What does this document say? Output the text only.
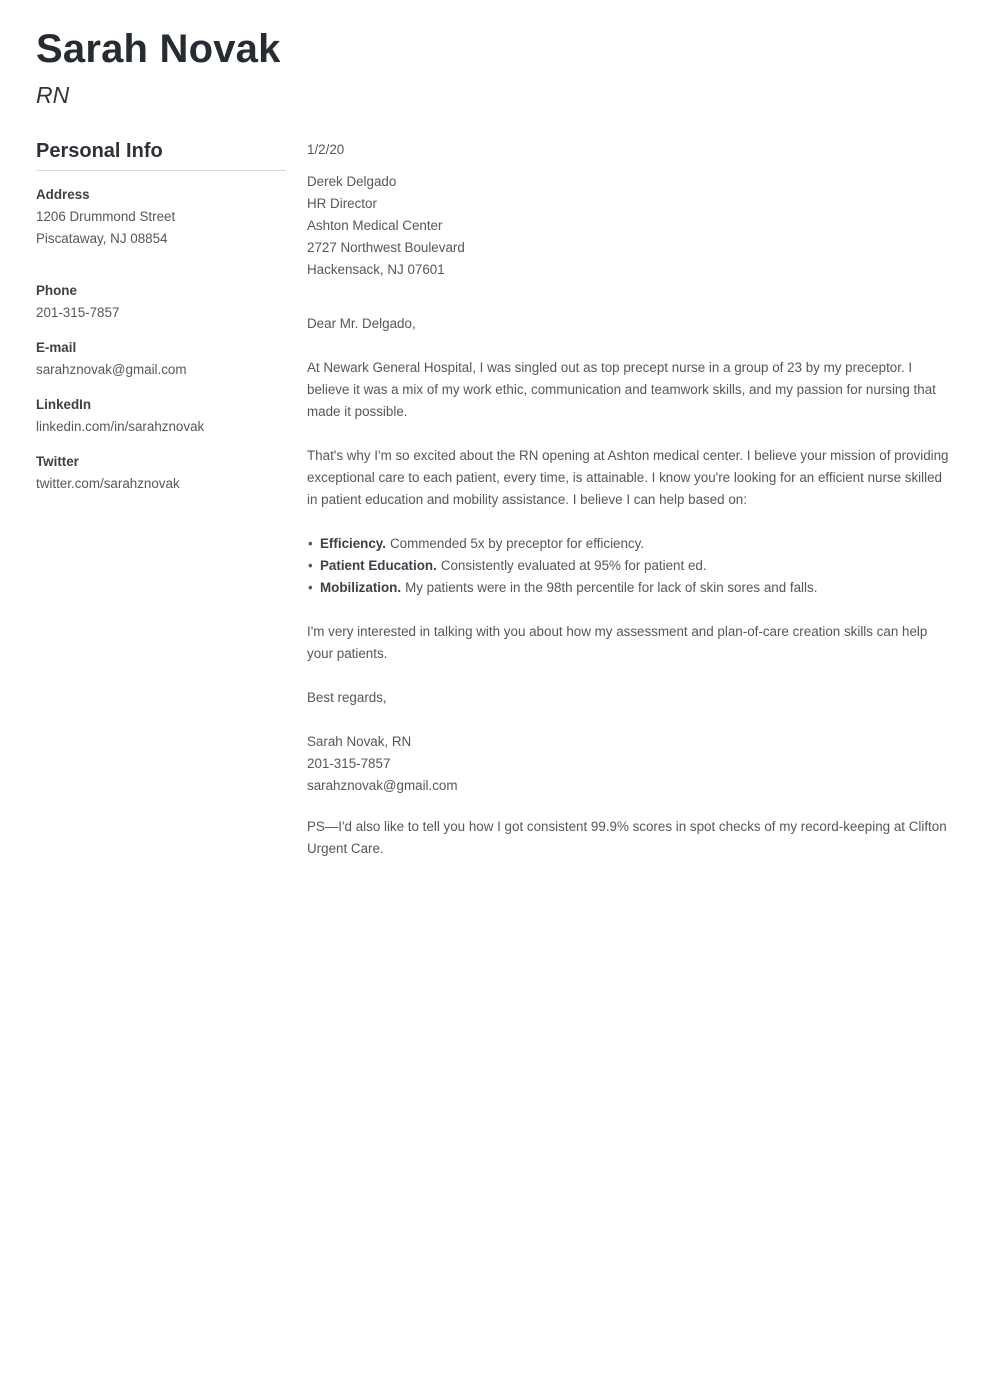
Sarah Novak
RN
Personal Info
Address
1206 Drummond Street
Piscataway, NJ 08854
Phone
201-315-7857
E-mail
sarahznovak@gmail.com
LinkedIn
linkedin.com/in/sarahznovak
Twitter
twitter.com/sarahznovak
1/2/20
Derek Delgado
HR Director
Ashton Medical Center
2727 Northwest Boulevard
Hackensack, NJ 07601

Dear Mr. Delgado,

At Newark General Hospital, I was singled out as top precept nurse in a group of 23 by my preceptor. I believe it was a mix of my work ethic, communication and teamwork skills, and my passion for nursing that made it possible.

That's why I'm so excited about the RN opening at Ashton medical center. I believe your mission of providing exceptional care to each patient, every time, is attainable. I know you're looking for an efficient nurse skilled in patient education and mobility assistance. I believe I can help based on:

• Efficiency. Commended 5x by preceptor for efficiency.
• Patient Education. Consistently evaluated at 95% for patient ed.
• Mobilization. My patients were in the 98th percentile for lack of skin sores and falls.

I'm very interested in talking with you about how my assessment and plan-of-care creation skills can help your patients.

Best regards,

Sarah Novak, RN
201-315-7857
sarahznovak@gmail.com

PS—I'd also like to tell you how I got consistent 99.9% scores in spot checks of my record-keeping at Clifton Urgent Care.
